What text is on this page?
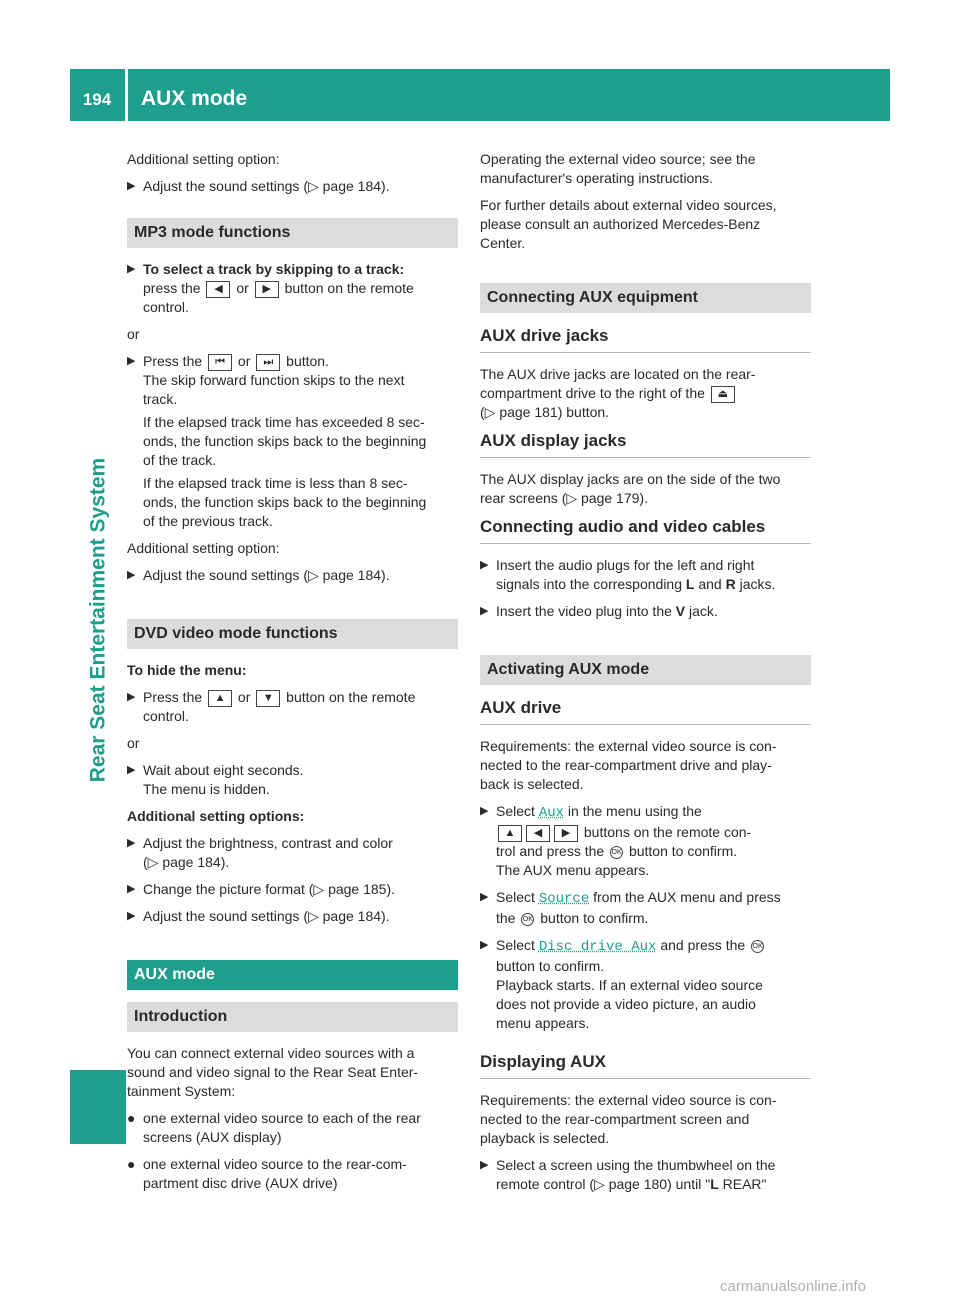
194	AUX mode
Rear Seat Entertainment System

Additional setting option:

▶ Adjust the sound settings (▷ page 184).
MP3 mode functions
▶ To select a track by skipping to a track:
press the ◀ or ▶ button on the remote
control.

or

▶ Press the ⏮ or ⏭ button.
The skip forward function skips to the next
track.
If the elapsed track time has exceeded 8 sec-
onds, the function skips back to the beginning
of the track.
If the elapsed track time is less than 8 sec-
onds, the function skips back to the beginning
of the previous track.

Additional setting option:

▶ Adjust the sound settings (▷ page 184).
DVD video mode functions

To hide the menu:

▶ Press the ▲ or ▼ button on the remote
control.

or

▶ Wait about eight seconds.
The menu is hidden.

Additional setting options:

▶ Adjust the brightness, contrast and color
(▷ page 184).
▶ Change the picture format (▷ page 185).
▶ Adjust the sound settings (▷ page 184).
AUX mode
Introduction

You can connect external video sources with a
sound and video signal to the Rear Seat Enter-
tainment System:

● one external video source to each of the rear
screens (AUX display)
● one external video source to the rear-com-
partment disc drive (AUX drive)

Operating the external video source; see the
manufacturer's operating instructions.

For further details about external video sources,
please consult an authorized Mercedes-Benz
Center.

Connecting AUX equipment
AUX drive jacks

The AUX drive jacks are located on the rear-
compartment drive to the right of the ⏏
(▷ page 181) button.

AUX display jacks

The AUX display jacks are on the side of the two
rear screens (▷ page 179).

Connecting audio and video cables
▶ Insert the audio plugs for the left and right
signals into the corresponding L and R jacks.
▶ Insert the video plug into the V jack.
Activating AUX mode
AUX drive

Requirements: the external video source is con-
nected to the rear-compartment drive and play-
back is selected.

▶ Select Aux in the menu using the
▲ ◀ ▶ buttons on the remote con-
trol and press the OK button to confirm.
The AUX menu appears.
▶ Select Source from the AUX menu and press
the OK button to confirm.
▶ Select Disc drive Aux and press the OK
button to confirm.
Playback starts. If an external video source
does not provide a video picture, an audio
menu appears.
Displaying AUX

Requirements: the external video source is con-
nected to the rear-compartment screen and
playback is selected.

▶ Select a screen using the thumbwheel on the
remote control (▷ page 180) until "L REAR"
carmanualsonline.info
